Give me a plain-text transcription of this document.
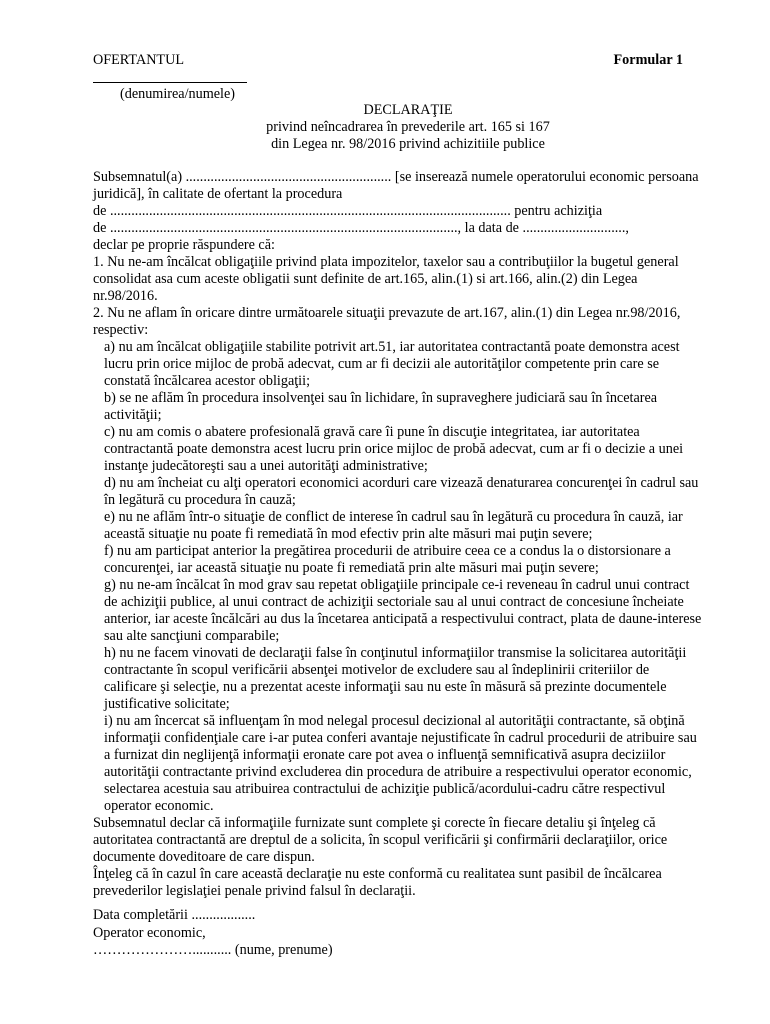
OFERTANTUL	Formular 1
(denumirea/numele)
DECLARAŢIE
privind neîncadrarea în prevederile art. 165 si 167
din Legea nr. 98/2016 privind achizitiile publice

Subsemnatul(a) .......................................................... [se inserează numele operatorului economic persoana juridică], în calitate de ofertant la procedura

de ................................................................................................................. pentru achiziţia

de .................................................................................................., la data de .............................,

declar pe proprie răspundere că:

1. Nu ne-am încălcat obligaţiile privind plata impozitelor, taxelor sau a contribuţiilor la bugetul general consolidat asa cum aceste obligatii sunt definite de art.165, alin.(1) si art.166, alin.(2) din Legea nr.98/2016.

2. Nu ne aflam în oricare dintre următoarele situaţii prevazute de art.167, alin.(1) din Legea nr.98/2016, respectiv:

a) nu am încălcat obligaţiile stabilite potrivit art.51, iar autoritatea contractantă poate demonstra acest lucru prin orice mijloc de probă adecvat, cum ar fi decizii ale autorităţilor competente prin care se constată încălcarea acestor obligaţii;

b) se ne aflăm în procedura insolvenţei sau în lichidare, în supraveghere judiciară sau în încetarea activităţii;

c) nu am comis o abatere profesională gravă care îi pune în discuţie integritatea, iar autoritatea contractantă poate demonstra acest lucru prin orice mijloc de probă adecvat, cum ar fi o decizie a unei instanţe judecătoreşti sau a unei autorităţi administrative;

d) nu am încheiat cu alţi operatori economici acorduri care vizează denaturarea concurenţei în cadrul sau în legătură cu procedura în cauză;

e) nu ne aflăm într-o situaţie de conflict de interese în cadrul sau în legătură cu procedura în cauză, iar această situaţie nu poate fi remediată în mod efectiv prin alte măsuri mai puţin severe;

f) nu am participat anterior la pregătirea procedurii de atribuire ceea ce a condus la o distorsionare a concurenţei, iar această situaţie nu poate fi remediată prin alte măsuri mai puţin severe;

g) nu ne-am încălcat în mod grav sau repetat obligaţiile principale ce-i reveneau în cadrul unui contract de achiziţii publice, al unui contract de achiziţii sectoriale sau al unui contract de concesiune încheiate anterior, iar aceste încălcări au dus la încetarea anticipată a respectivului contract, plata de daune-interese sau alte sancţiuni comparabile;

h) nu ne facem vinovati de declaraţii false în conţinutul informaţiilor transmise la solicitarea autorităţii contractante în scopul verificării absenţei motivelor de excludere sau al îndeplinirii criteriilor de calificare şi selecţie, nu a prezentat aceste informaţii sau nu este în măsură să prezinte documentele justificative solicitate;

i) nu am încercat să influenţam în mod nelegal procesul decizional al autorităţii contractante, să obţină informaţii confidenţiale care i-ar putea conferi avantaje nejustificate în cadrul procedurii de atribuire sau a furnizat din neglijenţă informaţii eronate care pot avea o influenţă semnificativă asupra deciziilor autorităţii contractante privind excluderea din procedura de atribuire a respectivului operator economic, selectarea acestuia sau atribuirea contractului de achiziţie publică/acordului-cadru către respectivul operator economic.

Subsemnatul declar că informaţiile furnizate sunt complete şi corecte în fiecare detaliu şi înţeleg că autoritatea contractantă are dreptul de a solicita, în scopul verificării şi confirmării declaraţiilor, orice documente doveditoare de care dispun.

Înţeleg că în cazul în care această declaraţie nu este conformă cu realitatea sunt pasibil de încălcarea prevederilor legislaţiei penale privind falsul în declaraţii.

Data completării ..................

Operator economic,

…………………........... (nume, prenume)
